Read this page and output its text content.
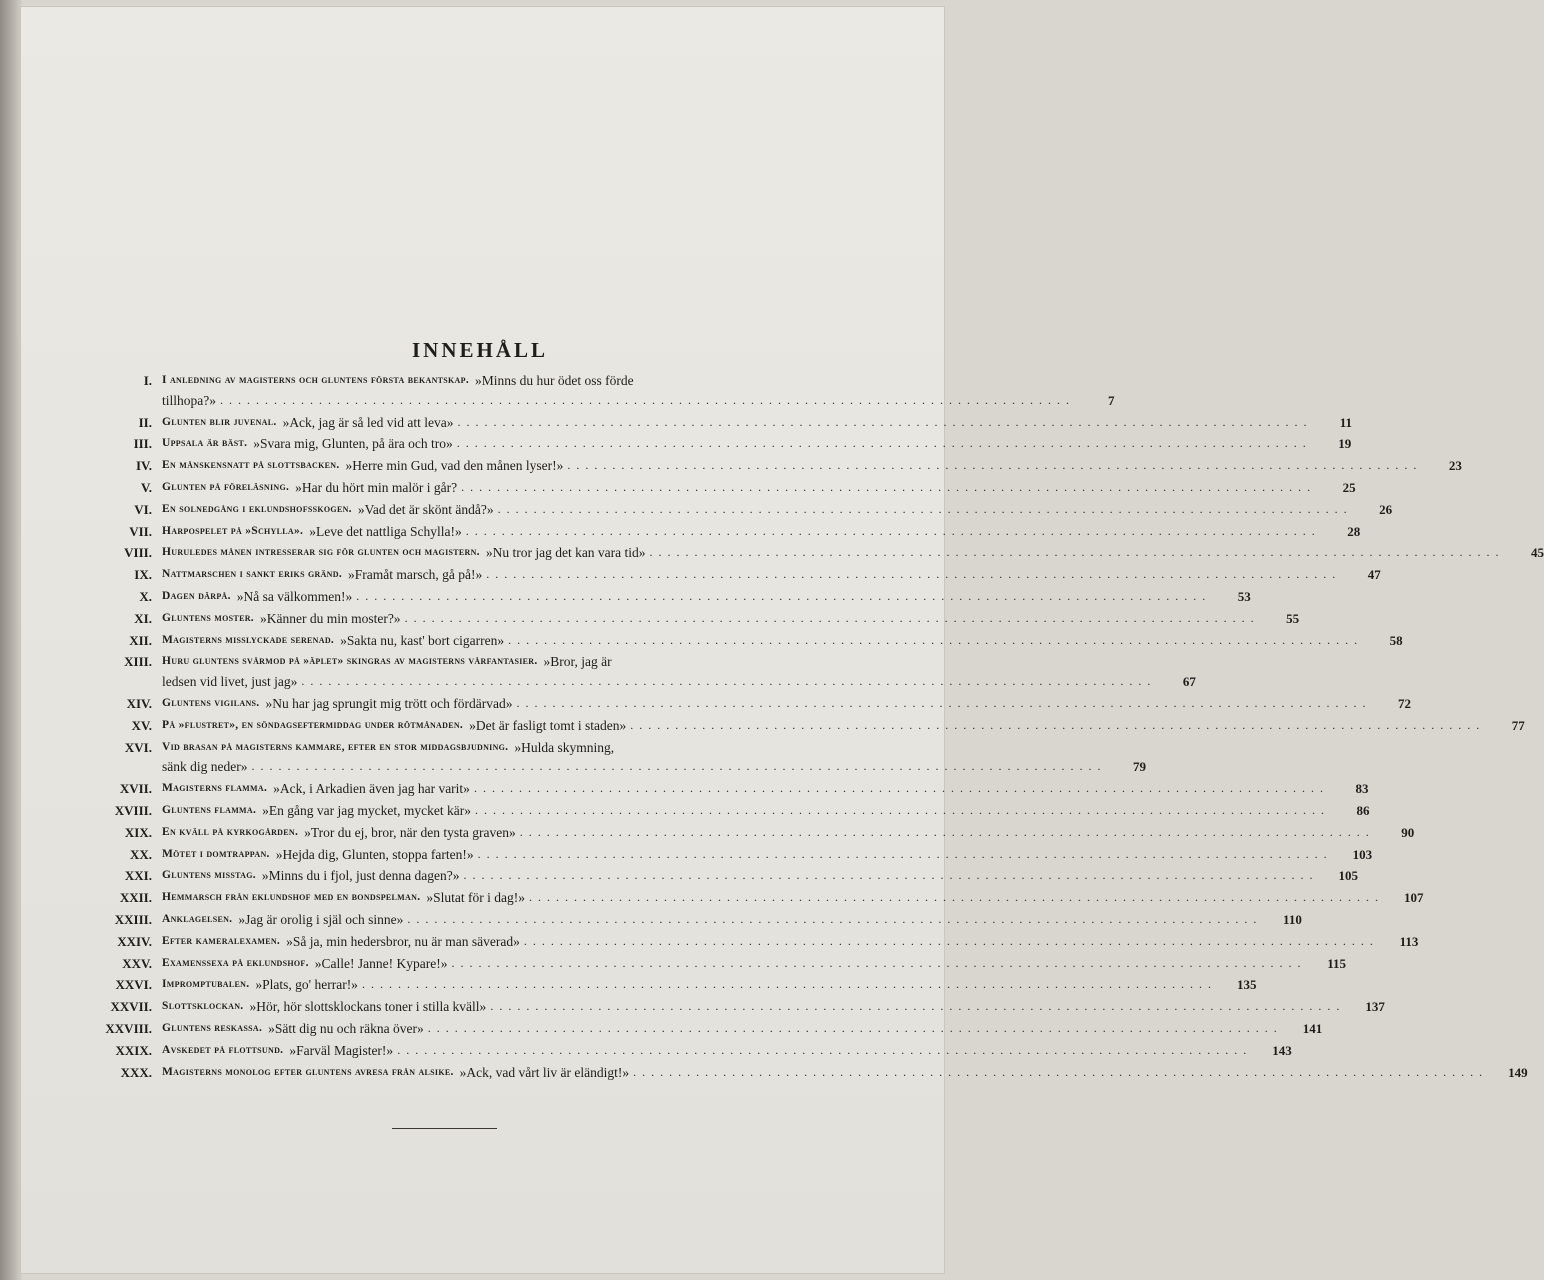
INNEHÅLL
I. I anledning av magisterns och gluntens första bekantskap. »Minns du hur ödet oss förde
tillhopa?» . . . . . . . . . . . . . . . . . . . . . . . . . . . . . . . . . . . . . . . . . . . . . . . . . . . . . . . . . . . . . . . . . . . . . . . . . . . . . . . . . . . . . . . . . . . . . . .	7
II. Glunten blir juvenal. »Ack, jag är så led vid att leva» . . . . . . . . . . . . . . . . . . . . . . . . . . . . . . . . . . . . . . . . . . . . . . . . . . . . . . . . . . . . . . . . . . . . . . . . . . . . . . . . . . . . . . . . . . . . . . .	11
III. Uppsala är bäst. »Svara mig, Glunten, på ära och tro» . . . . . . . . . . . . . . . . . . . . . . . . . . . . . . . . . . . . . . . . . . . . . . . . . . . . . . . . . . . . . . . . . . . . . . . . . . . . . . . . . . . . . . . . . . . . . . .	19
IV. En månskensnatt på slottsbacken. »Herre min Gud, vad den månen lyser!» . . . . . . . . . . . . . . . . . . . . . . . . . . . . . . . . . . . . . . . . . . . . . . . . . . . . . . . . . . . . . . . . . . . . . . . . . . . . . . . . . . . . . . . . . . . . . . .	23
V. Glunten på föreläsning. »Har du hört min malör i går? . . . . . . . . . . . . . . . . . . . . . . . . . . . . . . . . . . . . . . . . . . . . . . . . . . . . . . . . . . . . . . . . . . . . . . . . . . . . . . . . . . . . . . . . . . . . . . .	25
VI. En solnedgång i eklundshofsskogen. »Vad det är skönt ändå?» . . . . . . . . . . . . . . . . . . . . . . . . . . . . . . . . . . . . . . . . . . . . . . . . . . . . . . . . . . . . . . . . . . . . . . . . . . . . . . . . . . . . . . . . . . . . . . .	26
VII. Harpospelet på »Schylla». »Leve det nattliga Schylla!» . . . . . . . . . . . . . . . . . . . . . . . . . . . . . . . . . . . . . . . . . . . . . . . . . . . . . . . . . . . . . . . . . . . . . . . . . . . . . . . . . . . . . . . . . . . . . . .	28
VIII. Huruledes månen intresserar sig för glunten och magistern. »Nu tror jag det kan vara tid» . . . . . . . . . . . . . . . . . . . . . . . . . . . . . . . . . . . . . . . . . . . . . . . . . . . . . . . . . . . . . . . . . . . . . . . . . . . . . . . . . . . . . . . . . . . . . . .	45
IX. Nattmarschen i sankt eriks gränd. »Framåt marsch, gå på!» . . . . . . . . . . . . . . . . . . . . . . . . . . . . . . . . . . . . . . . . . . . . . . . . . . . . . . . . . . . . . . . . . . . . . . . . . . . . . . . . . . . . . . . . . . . . . . .	47
X. Dagen därpå. »Nå sa välkommen!» . . . . . . . . . . . . . . . . . . . . . . . . . . . . . . . . . . . . . . . . . . . . . . . . . . . . . . . . . . . . . . . . . . . . . . . . . . . . . . . . . . . . . . . . . . . . . . .	53
XI. Gluntens moster. »Känner du min moster?» . . . . . . . . . . . . . . . . . . . . . . . . . . . . . . . . . . . . . . . . . . . . . . . . . . . . . . . . . . . . . . . . . . . . . . . . . . . . . . . . . . . . . . . . . . . . . . .	55
XII. Magisterns misslyckade serenad. »Sakta nu, kast' bort cigarren» . . . . . . . . . . . . . . . . . . . . . . . . . . . . . . . . . . . . . . . . . . . . . . . . . . . . . . . . . . . . . . . . . . . . . . . . . . . . . . . . . . . . . . . . . . . . . . .	58
XIII. Huru gluntens svårmod på »äplet» skingras av magisterns vårfantasier. »Bror, jag är
ledsen vid livet, just jag» . . . . . . . . . . . . . . . . . . . . . . . . . . . . . . . . . . . . . . . . . . . . . . . . . . . . . . . . . . . . . . . . . . . . . . . . . . . . . . . . . . . . . . . . . . . . . . .	67
XIV. Gluntens vigilans. »Nu har jag sprungit mig trött och fördärvad» . . . . . . . . . . . . . . . . . . . . . . . . . . . . . . . . . . . . . . . . . . . . . . . . . . . . . . . . . . . . . . . . . . . . . . . . . . . . . . . . . . . . . . . . . . . . . . .	72
XV. På »flustret», en söndagseftermiddag under rötmånaden. »Det är fasligt tomt i staden» . . . . . . . . . . . . . . . . . . . . . . . . . . . . . . . . . . . . . . . . . . . . . . . . . . . . . . . . . . . . . . . . . . . . . . . . . . . . . . . . . . . . . . . . . . . . . . .	77
XVI. Vid brasan på magisterns kammare, efter en stor middagsbjudning. »Hulda skymning,
sänk dig neder» . . . . . . . . . . . . . . . . . . . . . . . . . . . . . . . . . . . . . . . . . . . . . . . . . . . . . . . . . . . . . . . . . . . . . . . . . . . . . . . . . . . . . . . . . . . . . . .	79
XVII. Magisterns flamma. »Ack, i Arkadien även jag har varit» . . . . . . . . . . . . . . . . . . . . . . . . . . . . . . . . . . . . . . . . . . . . . . . . . . . . . . . . . . . . . . . . . . . . . . . . . . . . . . . . . . . . . . . . . . . . . . .	83
XVIII. Gluntens flamma. »En gång var jag mycket, mycket kär» . . . . . . . . . . . . . . . . . . . . . . . . . . . . . . . . . . . . . . . . . . . . . . . . . . . . . . . . . . . . . . . . . . . . . . . . . . . . . . . . . . . . . . . . . . . . . . .	86
XIX. En kväll på kyrkogården. »Tror du ej, bror, när den tysta graven» . . . . . . . . . . . . . . . . . . . . . . . . . . . . . . . . . . . . . . . . . . . . . . . . . . . . . . . . . . . . . . . . . . . . . . . . . . . . . . . . . . . . . . . . . . . . . . .	90
XX. Mötet i domtrappan. »Hejda dig, Glunten, stoppa farten!» . . . . . . . . . . . . . . . . . . . . . . . . . . . . . . . . . . . . . . . . . . . . . . . . . . . . . . . . . . . . . . . . . . . . . . . . . . . . . . . . . . . . . . . . . . . . . . .	103
XXI. Gluntens misstag. »Minns du i fjol, just denna dagen?» . . . . . . . . . . . . . . . . . . . . . . . . . . . . . . . . . . . . . . . . . . . . . . . . . . . . . . . . . . . . . . . . . . . . . . . . . . . . . . . . . . . . . . . . . . . . . . .	105
XXII. Hemmarsch från eklundshof med en bondspelman. »Slutat för i dag!» . . . . . . . . . . . . . . . . . . . . . . . . . . . . . . . . . . . . . . . . . . . . . . . . . . . . . . . . . . . . . . . . . . . . . . . . . . . . . . . . . . . . . . . . . . . . . . .	107
XXIII. Anklagelsen. »Jag är orolig i själ och sinne» . . . . . . . . . . . . . . . . . . . . . . . . . . . . . . . . . . . . . . . . . . . . . . . . . . . . . . . . . . . . . . . . . . . . . . . . . . . . . . . . . . . . . . . . . . . . . . .	110
XXIV. Efter kameralexamen. »Så ja, min hedersbror, nu är man säverad» . . . . . . . . . . . . . . . . . . . . . . . . . . . . . . . . . . . . . . . . . . . . . . . . . . . . . . . . . . . . . . . . . . . . . . . . . . . . . . . . . . . . . . . . . . . . . . .	113
XXV. Examenssexa på eklundshof. »Calle! Janne! Kypare!» . . . . . . . . . . . . . . . . . . . . . . . . . . . . . . . . . . . . . . . . . . . . . . . . . . . . . . . . . . . . . . . . . . . . . . . . . . . . . . . . . . . . . . . . . . . . . . .	115
XXVI. Impromptubalen. »Plats, go' herrar!» . . . . . . . . . . . . . . . . . . . . . . . . . . . . . . . . . . . . . . . . . . . . . . . . . . . . . . . . . . . . . . . . . . . . . . . . . . . . . . . . . . . . . . . . . . . . . . .	135
XXVII. Slottsklockan. »Hör, hör slottsklockans toner i stilla kväll» . . . . . . . . . . . . . . . . . . . . . . . . . . . . . . . . . . . . . . . . . . . . . . . . . . . . . . . . . . . . . . . . . . . . . . . . . . . . . . . . . . . . . . . . . . . . . . .	137
XXVIII. Gluntens reskassa. »Sätt dig nu och räkna över» . . . . . . . . . . . . . . . . . . . . . . . . . . . . . . . . . . . . . . . . . . . . . . . . . . . . . . . . . . . . . . . . . . . . . . . . . . . . . . . . . . . . . . . . . . . . . . .	141
XXIX. Avskedet på flottsund. »Farväl Magister!» . . . . . . . . . . . . . . . . . . . . . . . . . . . . . . . . . . . . . . . . . . . . . . . . . . . . . . . . . . . . . . . . . . . . . . . . . . . . . . . . . . . . . . . . . . . . . . .	143
XXX. Magisterns monolog efter gluntens avresa från alsike. »Ack, vad vårt liv är eländigt!» . . . . . . . . . . . . . . . . . . . . . . . . . . . . . . . . . . . . . . . . . . . . . . . . . . . . . . . . . . . . . . . . . . . . . . . . . . . . . . . . . . . . . . . . . . . . . . .	149
